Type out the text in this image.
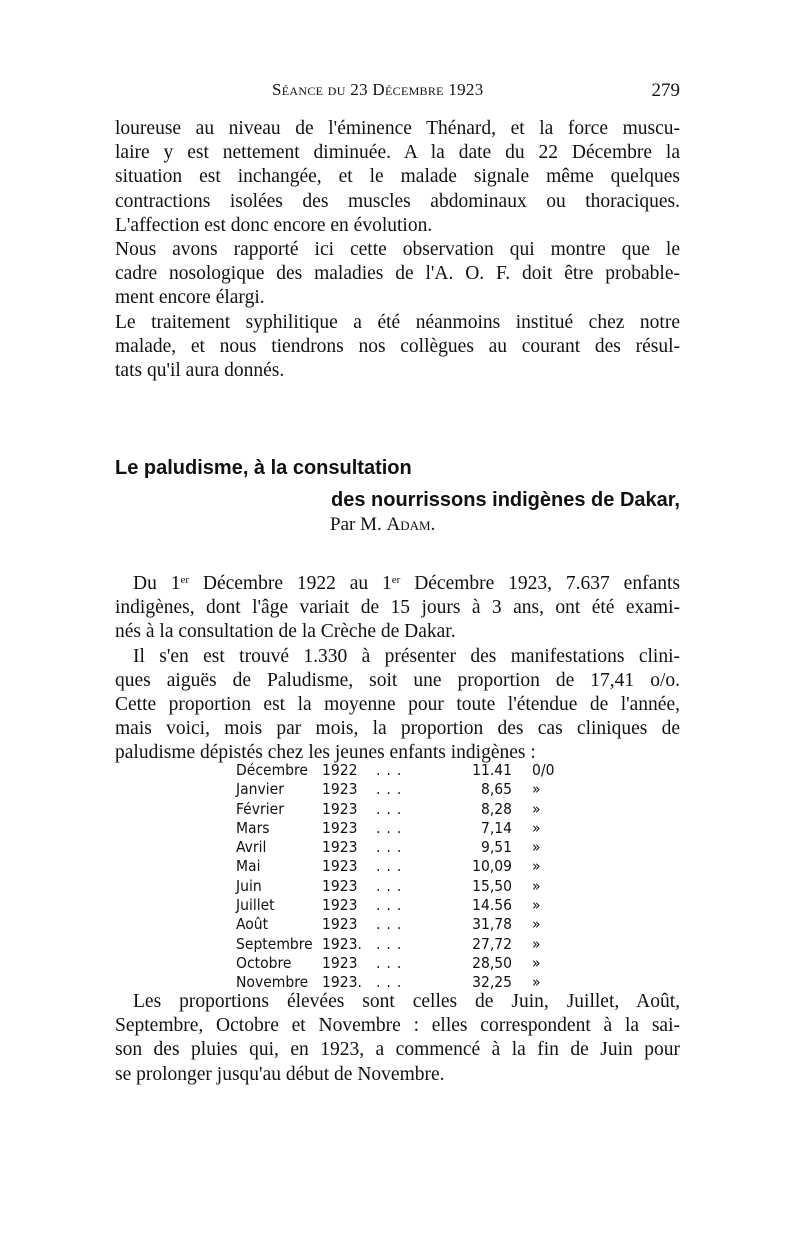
Séance du 23 Décembre 1923	279
loureuse au niveau de l'éminence Thénard, et la force muscu-
laire y est nettement diminuée. A la date du 22 Décembre la
situation est inchangée, et le malade signale même quelques
contractions isolées des muscles abdominaux ou thoraciques.
L'affection est donc encore en évolution.
Nous avons rapporté ici cette observation qui montre que le
cadre nosologique des maladies de l'A. O. F. doit être probable-
ment encore élargi.
Le traitement syphilitique a été néanmoins institué chez notre
malade, et nous tiendrons nos collègues au courant des résul-
tats qu'il aura donnés.
Le paludisme, à la consultation
des nourrissons indigènes de Dakar,
Par M. Adam.
Du 1er Décembre 1922 au 1er Décembre 1923, 7.637 enfants
indigènes, dont l'âge variait de 15 jours à 3 ans, ont été exami-
nés à la consultation de la Crèche de Dakar.
Il s'en est trouvé 1.330 à présenter des manifestations clini-
ques aiguës de Paludisme, soit une proportion de 17,41 o/o.
Cette proportion est la moyenne pour toute l'étendue de l'année,
mais voici, mois par mois, la proportion des cas cliniques de
paludisme dépistés chez les jeunes enfants indigènes :
Décembre 1922 ...	11.41 0/0
Janvier 1923 ...	8,65 »
Février 1923 ...	8,28 »
Mars	1923 ...	7,14 »
Avril	1923 ...	9,51 »
Mai	1923 ...	10,09 »
Juin	1923 ...	15,50 »
Juillet	1923 ...	14.56 »
Août	1923 ...	31,78 »
Septembre 1923. ...	27,72 »
Octobre 1923 ...	28,50 »
Novembre 1923. ...	32,25 »
Les proportions élevées sont celles de Juin, Juillet, Août,
Septembre, Octobre et Novembre : elles correspondent à la sai-
son des pluies qui, en 1923, a commencé à la fin de Juin pour
se prolonger jusqu'au début de Novembre.
